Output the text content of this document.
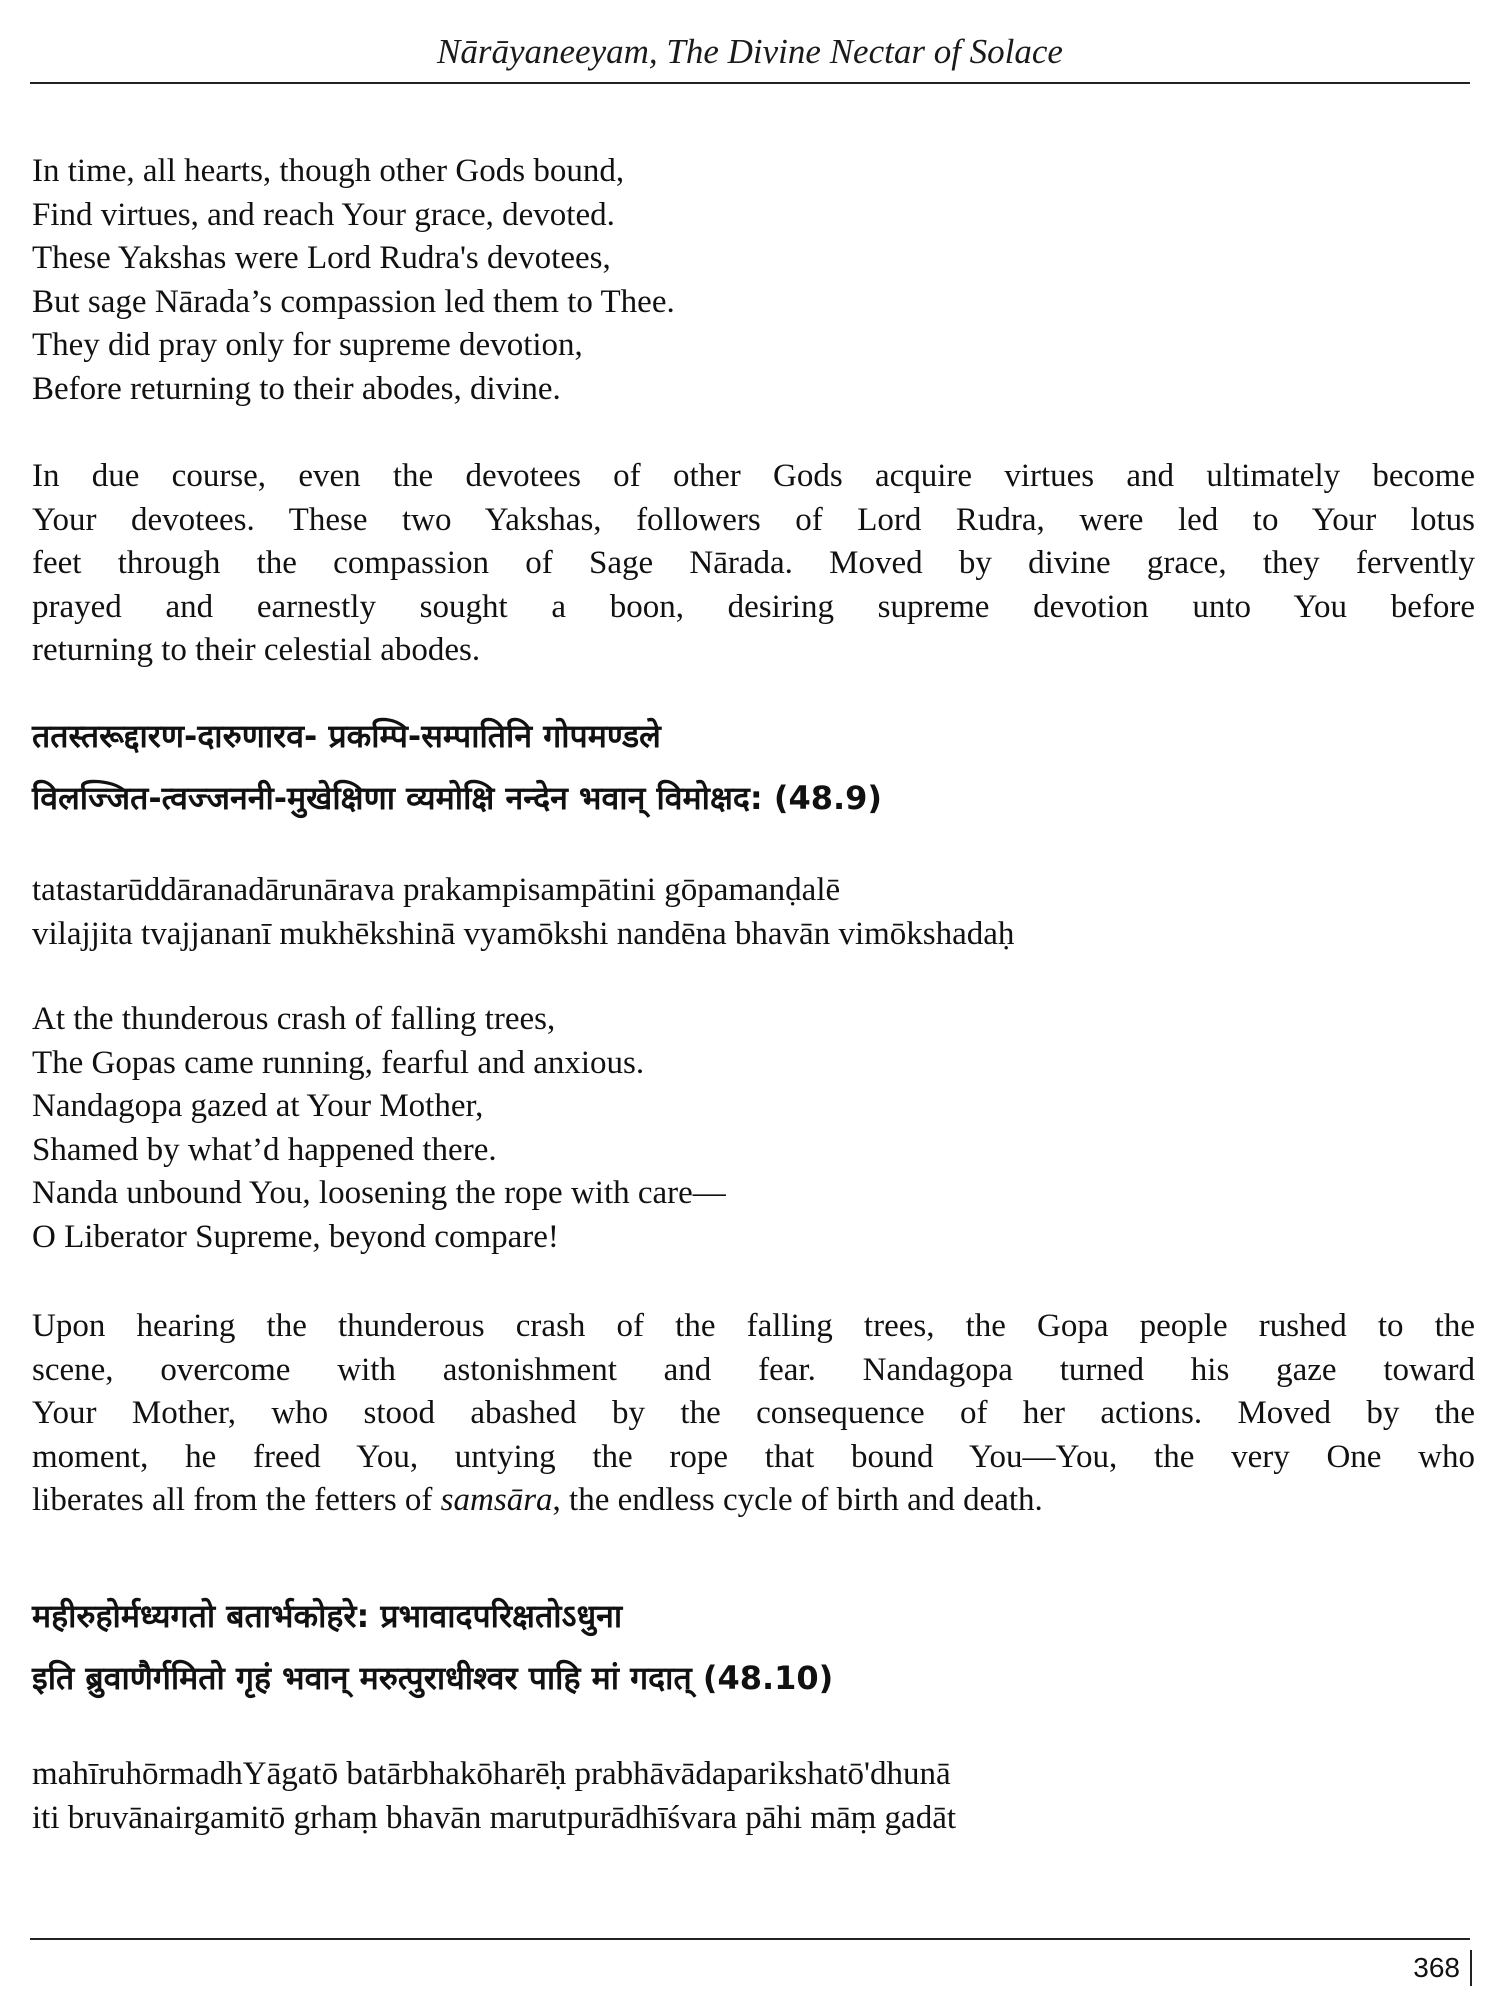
Nārāyaneeyam, The Divine Nectar of Solace
In time, all hearts, though other Gods bound,
Find virtues, and reach Your grace, devoted.
These Yakshas were Lord Rudra's devotees,
But sage Nārada’s compassion led them to Thee.
They did pray only for supreme devotion,
Before returning to their abodes, divine.
In due course, even the devotees of other Gods acquire virtues and ultimately become
Your devotees. These two Yakshas, followers of Lord Rudra, were led to Your lotus
feet through the compassion of Sage Nārada. Moved by divine grace, they fervently
prayed and earnestly sought a boon, desiring supreme devotion unto You before
returning to their celestial abodes.
ततस्तरूद्दारण-दारुणारव- प्रकम्पि-सम्पातिनि गोपमण्डले
विलज्जित-त्वज्जननी-मुखेक्षिणा व्यमोक्षि नन्देन भवान् विमोक्षद: (48.9)
tatastarūddāranadārunārava prakampisampātini gōpamanḍalē
vilajjita tvajjananī mukhēkshinā vyamōkshi nandēna bhavān vimōkshadaḥ
At the thunderous crash of falling trees,
The Gopas came running, fearful and anxious.
Nandagopa gazed at Your Mother,
Shamed by what’d happened there.
Nanda unbound You, loosening the rope with care—
O Liberator Supreme, beyond compare!
Upon hearing the thunderous crash of the falling trees, the Gopa people rushed to the
scene, overcome with astonishment and fear. Nandagopa turned his gaze toward
Your Mother, who stood abashed by the consequence of her actions. Moved by the
moment, he freed You, untying the rope that bound You—You, the very One who
liberates all from the fetters of samsāra, the endless cycle of birth and death.
महीरुहोर्मध्यगतो बतार्भकोहरे: प्रभावादपरिक्षतोऽधुना
इति ब्रुवाणैर्गमितो गृहं भवान् मरुत्पुराधीश्वर पाहि मां गदात् (48.10)
mahīruhōrmadhYāgatō batārbhakōharēḥ prabhāvādaparikshatō'dhunā
iti bruvānairgamitō grhaṃ bhavān marutpurādhīśvara pāhi māṃ gadāt
368
